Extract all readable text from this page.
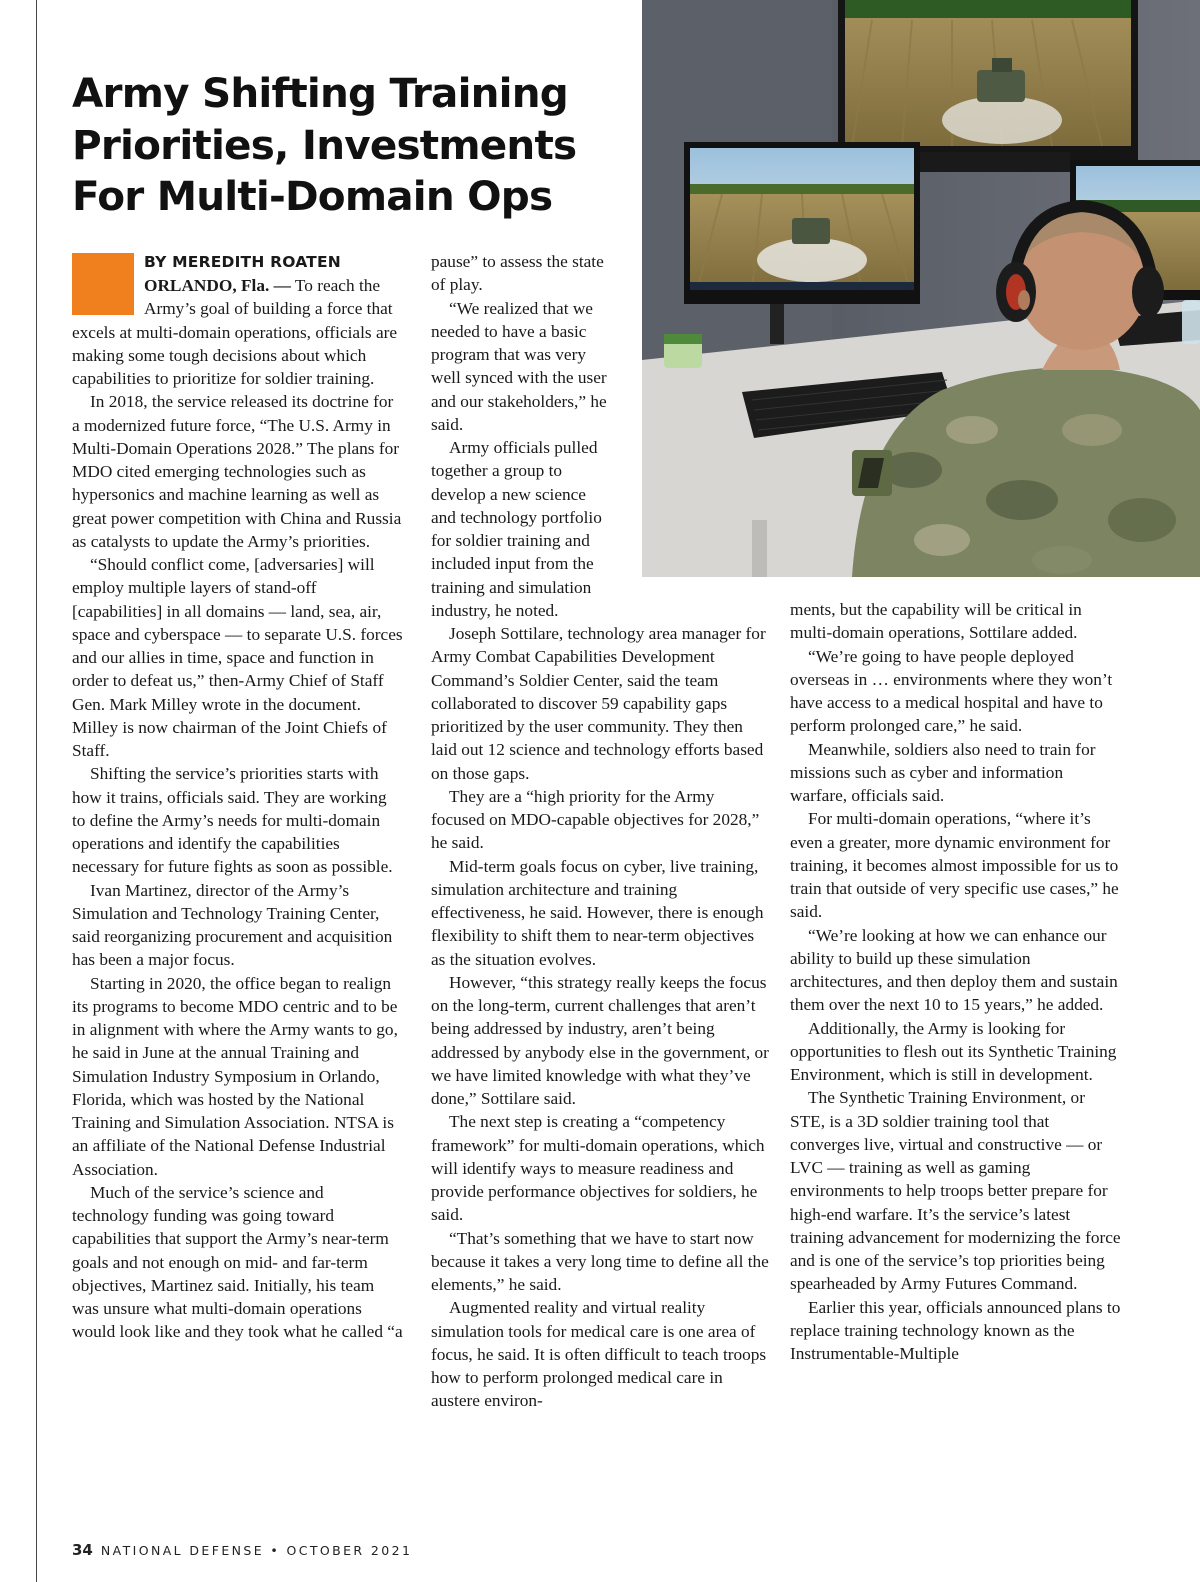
Army Shifting Training Priorities, Investments For Multi-Domain Ops

BY MEREDITH ROATEN
ORLANDO, Fla. — To reach the Army’s goal of building a force that excels at multi-domain operations, officials are making some tough decisions about which capabilities to prioritize for soldier training.

In 2018, the service released its doctrine for a modernized future force, “The U.S. Army in Multi-Domain Operations 2028.” The plans for MDO cited emerging technologies such as hypersonics and machine learning as well as great power competition with China and Russia as catalysts to update the Army’s priorities.

“Should conflict come, [adversaries] will employ multiple layers of stand-off [capabilities] in all domains — land, sea, air, space and cyberspace — to separate U.S. forces and our allies in time, space and function in order to defeat us,” then-Army Chief of Staff Gen. Mark Milley wrote in the document. Milley is now chairman of the Joint Chiefs of Staff.

Shifting the service’s priorities starts with how it trains, officials said. They are working to define the Army’s needs for multi-domain operations and identify the capabilities necessary for future fights as soon as possible.

Ivan Martinez, director of the Army’s Simulation and Technology Training Center, said reorganizing procurement and acquisition has been a major focus.

Starting in 2020, the office began to realign its programs to become MDO centric and to be in alignment with where the Army wants to go, he said in June at the annual Training and Simulation Industry Symposium in Orlando, Florida, which was hosted by the National Training and Simulation Association. NTSA is an affiliate of the National Defense Industrial Association.

Much of the service’s science and technology funding was going toward capabilities that support the Army’s near-term goals and not enough on mid- and far-term objectives, Martinez said. Initially, his team was unsure what multi-domain operations would look like and they took what he called “a

pause” to assess the state of play.

“We realized that we needed to have a basic program that was very well synced with the user and our stakeholders,” he said.

Army officials pulled together a group to develop a new science and technology portfolio for soldier training and included input from the training and simulation industry, he noted.

Joseph Sottilare, technology area manager for Army Combat Capabilities Development Command’s Soldier Center, said the team collaborated to discover 59 capability gaps prioritized by the user community. They then laid out 12 science and technology efforts based on those gaps.

They are a “high priority for the Army focused on MDO-capable objectives for 2028,” he said.

Mid-term goals focus on cyber, live training, simulation architecture and training effectiveness, he said. However, there is enough flexibility to shift them to near-term objectives as the situation evolves.

However, “this strategy really keeps the focus on the long-term, current challenges that aren’t being addressed by industry, aren’t being addressed by anybody else in the government, or we have limited knowledge with what they’ve done,” Sottilare said.

The next step is creating a “competency framework” for multi-domain operations, which will identify ways to measure readiness and provide performance objectives for soldiers, he said.

“That’s something that we have to start now because it takes a very long time to define all the elements,” he said.

Augmented reality and virtual reality simulation tools for medical care is one area of focus, he said. It is often difficult to teach troops how to perform prolonged medical care in austere environ-

ments, but the capability will be critical in multi-domain operations, Sottilare added.

“We’re going to have people deployed overseas in … environments where they won’t have access to a medical hospital and have to perform prolonged care,” he said.

Meanwhile, soldiers also need to train for missions such as cyber and information warfare, officials said.

For multi-domain operations, “where it’s even a greater, more dynamic environment for training, it becomes almost impossible for us to train that outside of very specific use cases,” he said.

“We’re looking at how we can enhance our ability to build up these simulation architectures, and then deploy them and sustain them over the next 10 to 15 years,” he added.

Additionally, the Army is looking for opportunities to flesh out its Synthetic Training Environment, which is still in development.

The Synthetic Training Environment, or STE, is a 3D soldier training tool that converges live, virtual and constructive — or LVC — training as well as gaming environments to help troops better prepare for high-end warfare. It’s the service’s latest training advancement for modernizing the force and is one of the service’s top priorities being spearheaded by Army Futures Command.

Earlier this year, officials announced plans to replace training technology known as the Instrumentable-Multiple

34 NATIONAL DEFENSE • OCTOBER 2021
